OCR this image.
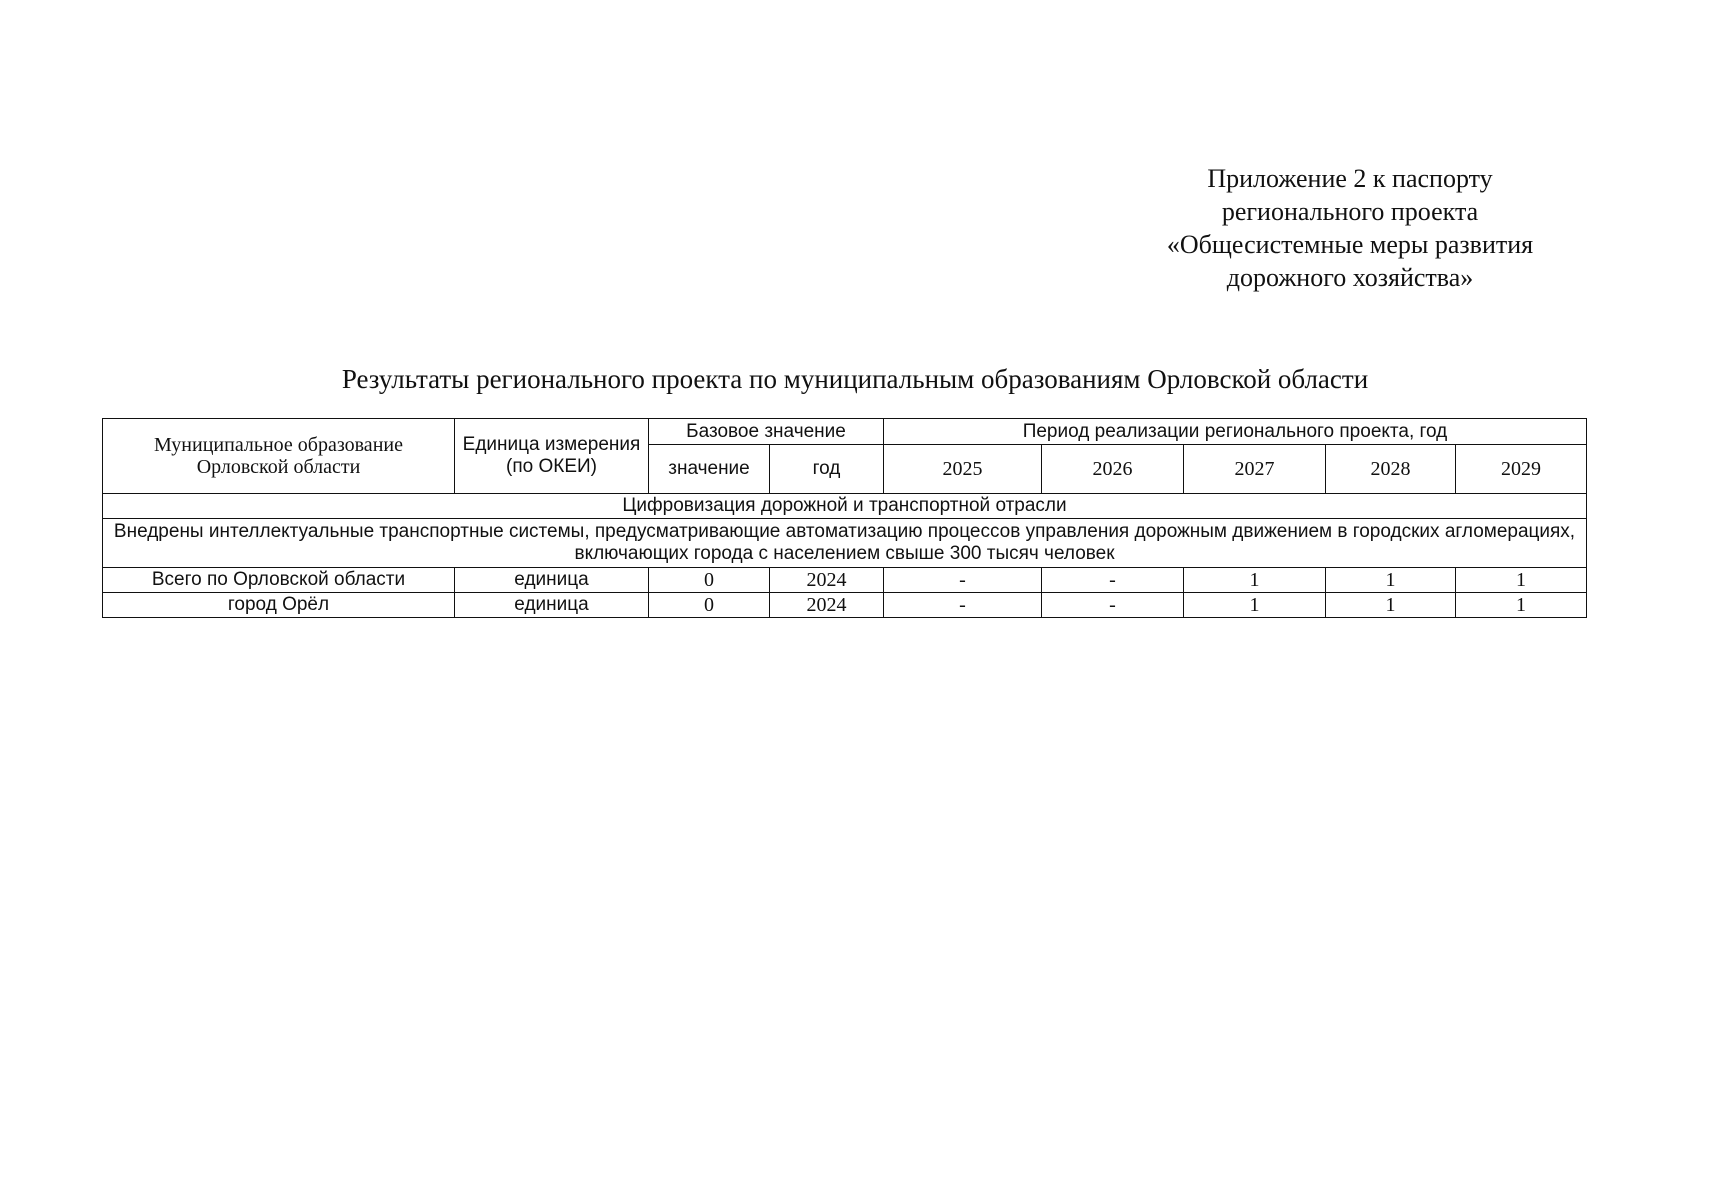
Приложение 2 к паспорту
регионального проекта
«Общесистемные меры развития
дорожного хозяйства»
Результаты регионального проекта по муниципальным образованиям Орловской области
Муниципальное образование Орловской области	Единица измерения (по ОКЕИ)	Базовое значение		Период реализации регионального проекта, год				
		значение	год	2025	2026	2027	2028	2029
Цифровизация дорожной и транспортной отрасли								
Внедрены интеллектуальные транспортные системы, предусматривающие автоматизацию процессов управления дорожным движением в городских агломерациях, включающих города с населением свыше 300 тысяч человек								
Всего по Орловской области	единица	0	2024	-	-	1	1	1
город Орёл	единица	0	2024	-	-	1	1	1
